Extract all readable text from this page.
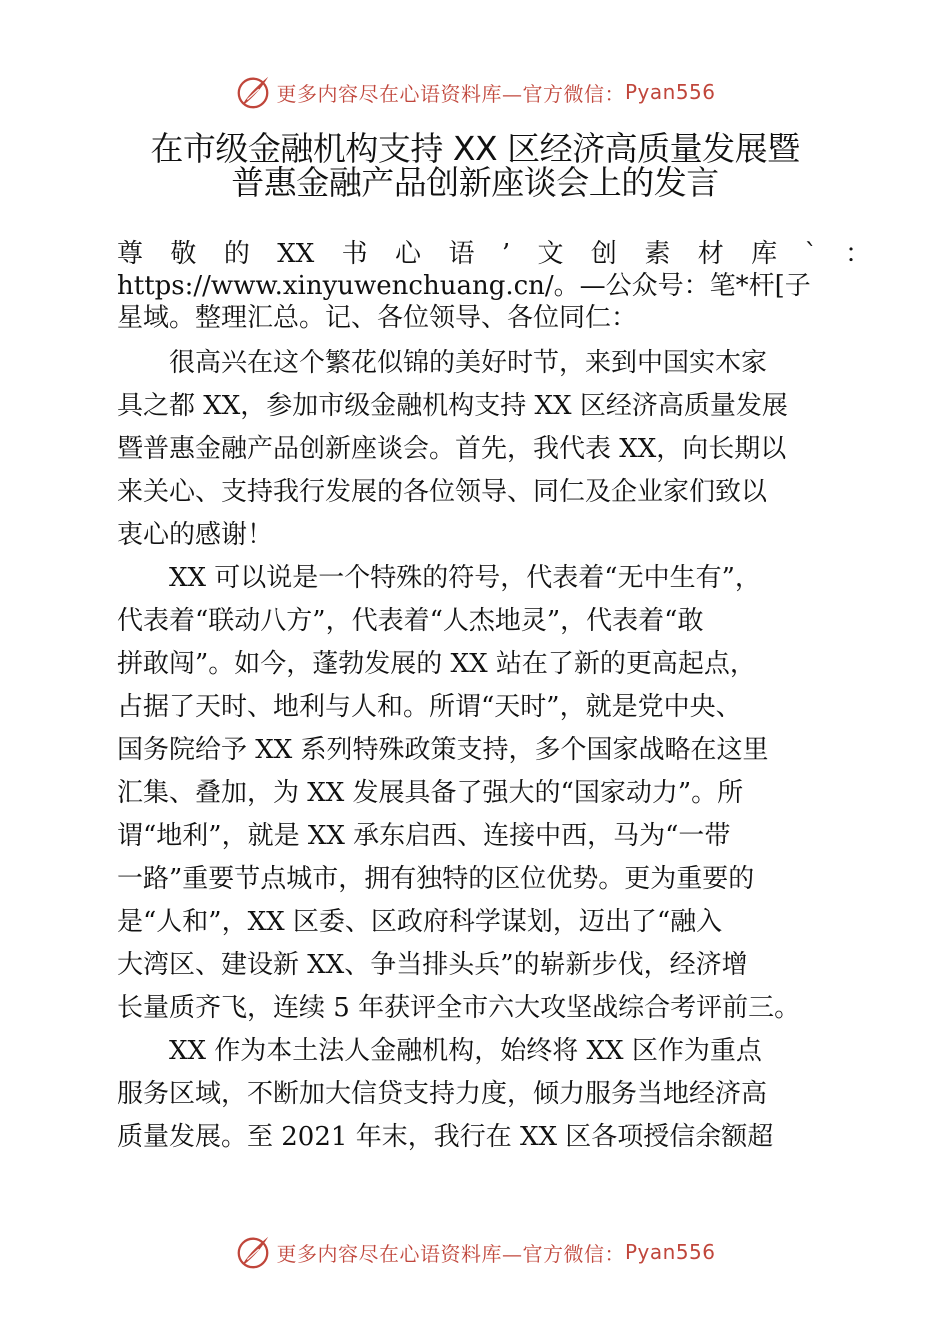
更多内容尽在心语资料库—官方微信： Pyan556
在市级金融机构支持 XX 区经济高质量发展暨
普惠金融产品创新座谈会上的发言
尊 敬 的 XX 书 心 语 ’ 文 创 素 材 库 ` ：
https://www.xinyuwenchuang.cn/。—公众号：笔*杆[子
星域。整理汇总。记、各位领导、各位同仁：
很高兴在这个繁花似锦的美好时节，来到中国实木家
具之都 XX，参加市级金融机构支持 XX 区经济高质量发展
暨普惠金融产品创新座谈会。首先，我代表 XX，向长期以
来关心、支持我行发展的各位领导、同仁及企业家们致以
衷心的感谢！
XX 可以说是一个特殊的符号，代表着“无中生有”，
代表着“联动八方”，代表着“人杰地灵”，代表着“敢
拼敢闯”。如今，蓬勃发展的 XX 站在了新的更高起点，
占据了天时、地利与人和。所谓“天时”，就是党中央、
国务院给予 XX 系列特殊政策支持，多个国家战略在这里
汇集、叠加，为 XX 发展具备了强大的“国家动力”。所
谓“地利”，就是 XX 承东启西、连接中西，马为“一带
一路”重要节点城市，拥有独特的区位优势。更为重要的
是“人和”，XX 区委、区政府科学谋划，迈出了“融入
大湾区、建设新 XX、争当排头兵”的崭新步伐，经济增
长量质齐飞，连续 5 年获评全市六大攻坚战综合考评前三。
XX 作为本土法人金融机构，始终将 XX 区作为重点
服务区域，不断加大信贷支持力度，倾力服务当地经济高
质量发展。至 2021 年末，我行在 XX 区各项授信余额超
更多内容尽在心语资料库—官方微信： Pyan556
